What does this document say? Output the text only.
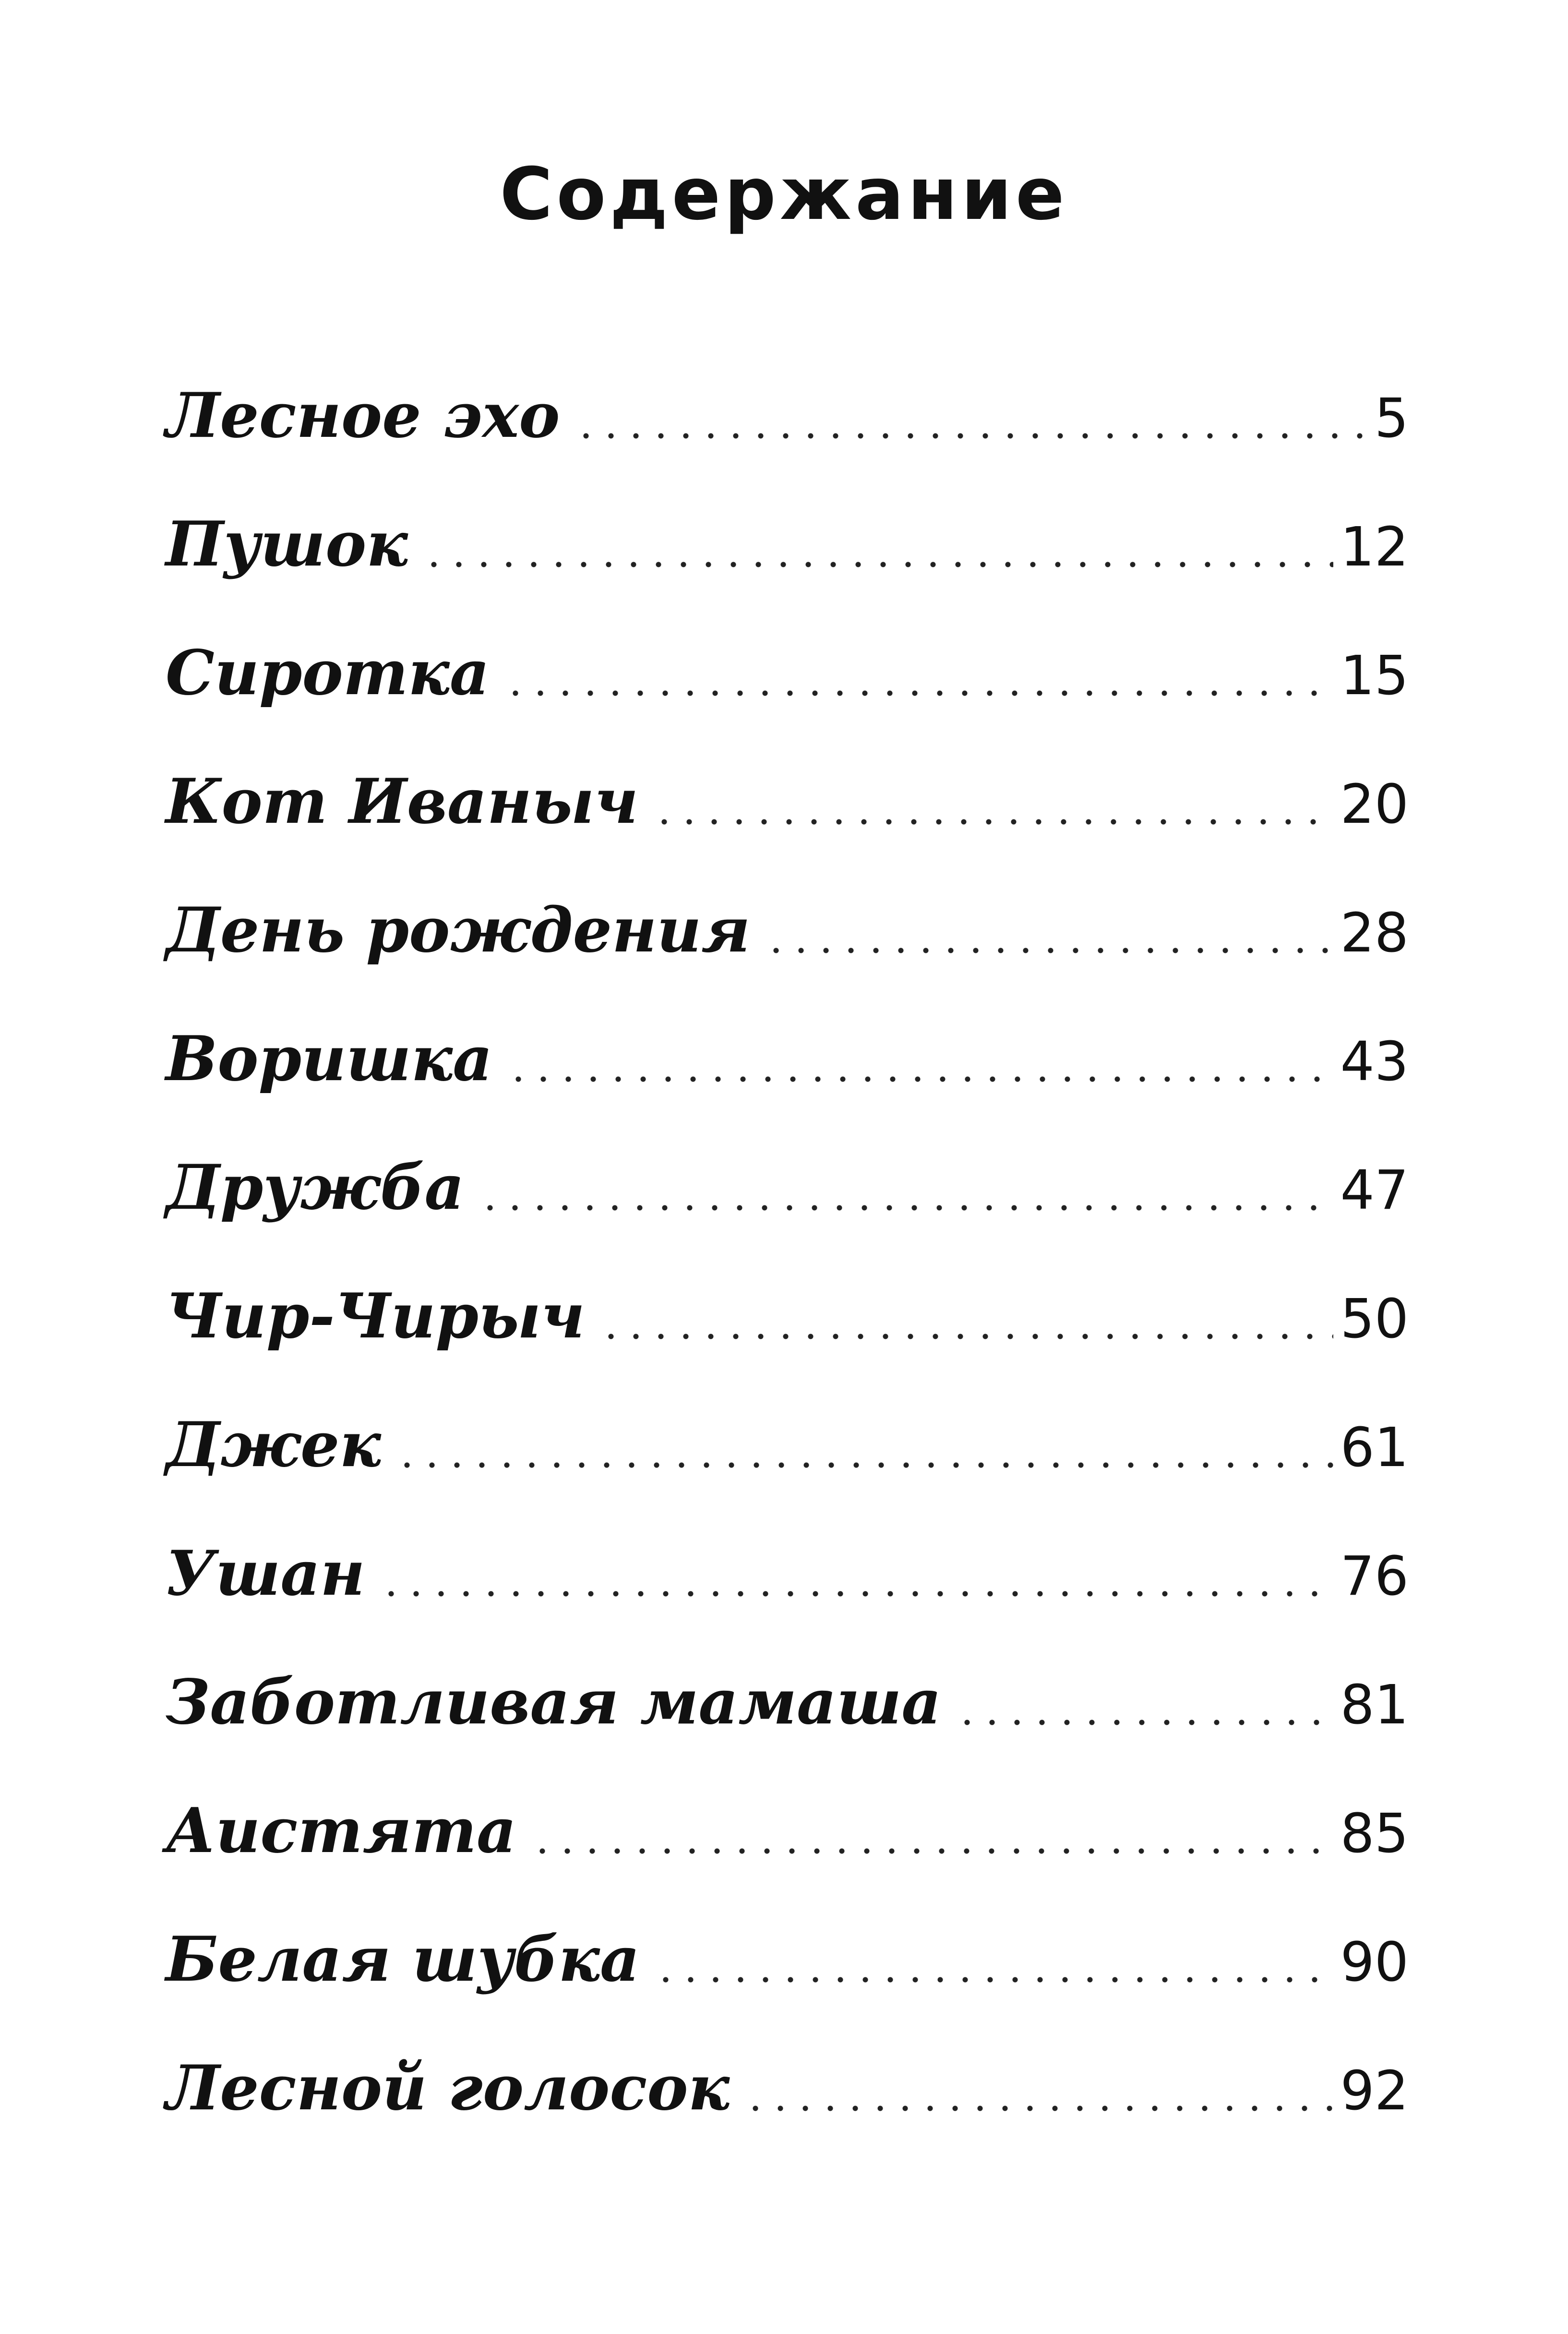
Содержание
Лесное эхо	5
Пушок	12
Сиротка	15
Кот Иваныч	20
День рождения	28
Воришка	43
Дружба	47
Чир-Чирыч	50
Джек	61
Ушан	76
Заботливая мамаша	81
Аистята	85
Белая шубка	90
Лесной голосок	92
